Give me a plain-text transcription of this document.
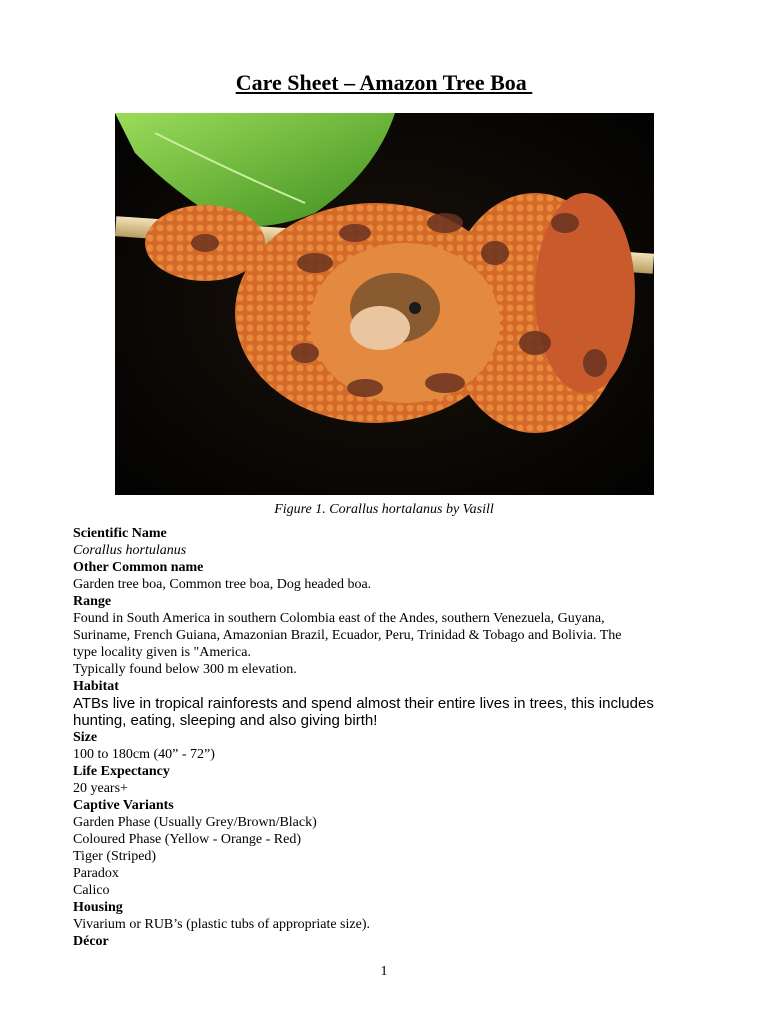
Care Sheet – Amazon Tree Boa
Figure 1. Corallus hortalanus by Vasill
Scientific Name
Corallus hortulanus
Other Common name
Garden tree boa, Common tree boa, Dog headed boa.
Range
Found in South America in southern Colombia east of the Andes, southern Venezuela, Guyana,
Suriname, French Guiana, Amazonian Brazil, Ecuador, Peru, Trinidad & Tobago and Bolivia. The
type locality given is "America.
Typically found below 300 m elevation.
Habitat
ATBs live in tropical rainforests and spend almost their entire lives in trees, this includes
hunting, eating, sleeping and also giving birth!
Size
100 to 180cm (40” - 72”)
Life Expectancy
20 years+
Captive Variants
Garden Phase (Usually Grey/Brown/Black)
Coloured Phase (Yellow - Orange - Red)
Tiger (Striped)
Paradox
Calico
Housing
Vivarium or RUB’s (plastic tubs of appropriate size).
Décor
1
